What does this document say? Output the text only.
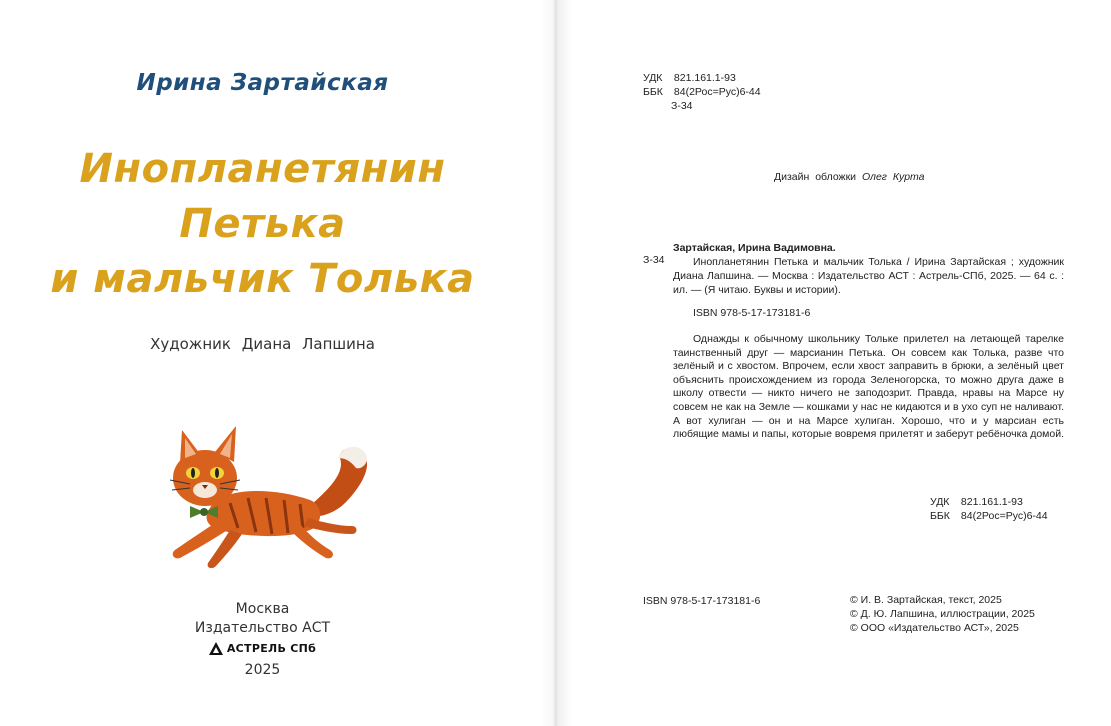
Ирина Зартайская
Инопланетянин
Петька
и мальчик Толька
Художник Диана Лапшина
Москва
Издательство АСТ
АСТРЕЛЬ СПб
2025
УДК 821.161.1-93
ББК 84(2Рос=Рус)6-44
З-34
Дизайн обложки Олег Курта
З-34
Зартайская, Ирина Вадимовна.
Инопланетянин Петька и мальчик Толька / Ирина Зартайская ; художник Диана Лапшина. — Москва : Издательство АСТ : Астрель-СПб, 2025. — 64 с. : ил. — (Я читаю. Буквы и истории).
ISBN 978-5-17-173181-6
Однажды к обычному школьнику Тольке прилетел на летающей тарелке таинственный друг — марсианин Петька. Он совсем как Толька, разве что зелёный и с хвостом. Впрочем, если хвост заправить в брюки, а зелёный цвет объяснить происхождением из города Зеленогорска, то можно друга даже в школу отвести — никто ничего не заподозрит. Правда, нравы на Марсе ну совсем не как на Земле — кошками у нас не кидаются и в ухо суп не наливают. А вот хулиган — он и на Марсе хулиган. Хорошо, что и у марсиан есть любящие мамы и папы, которые вовремя прилетят и заберут ребёночка домой.
УДК 821.161.1-93
ББК 84(2Рос=Рус)6-44
ISBN 978-5-17-173181-6	© И. В. Зартайская, текст, 2025
© Д. Ю. Лапшина, иллюстрации, 2025
© ООО «Издательство АСТ», 2025
